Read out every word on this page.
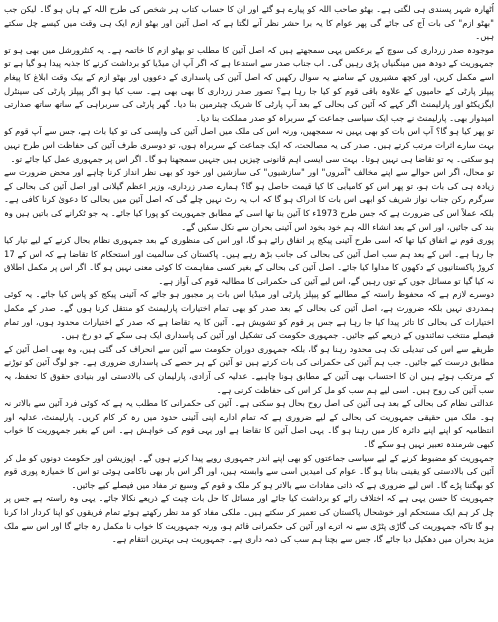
اُٹھارہ شہر پسندی ہی لگتی ہے۔ بھٹو صاحب اللہ کو پیارے ہو گئے اور ان کا حساب کتاب ہر شخص کی طرح اللہ کے ہاں ہو گا۔ لیکن جب "بھٹو ازم" کی بات آج کی جائے گی پھر عوام کا یہ برا حشر نظر آنے لگتا ہے کہ اصل آئین اور بھٹو ازم ایک ہی وقت میں کیسے چل سکتے ہیں۔

موجودہ صدر زرداری کی سوچ کے برعکس یہی سمجھتے ہیں کہ اصل آئین کا مطلب تو بھٹو ازم کا خاتمہ ہے۔ یہ کنٹرورشل میں بھی ہو تو جمہوریت کے دودھ میں مینگنیاں پڑی رہیں گی۔ اب جناب صدر سے استدعا ہے کہ اگر آپ ان میڈیا کو برداشت کرنے کا جذبہ پیدا ہو گیا ہے تو اسے مکمل کریں، اور کچھ مشیروں کے سامنے یہ سوال رکھیں کہ اصل آئین کی پاسداری کے دعووں اور بھٹو ازم کے بیک وقت ابلاغ کا پیغام پیپلز پارٹی کے حامیوں کے علاوہ باقی قوم کو کیا جا رہا ہے؟ تصور صدر زرداری کا بھی بھی ہے۔ سب کیا ہو اگر پیپلز پارٹی کی سینٹرل ایگزیکٹو اور پارلیمنٹ اگر کہے کہ آئین کی بحالی کے بعد آپ پارٹی کا شریک چیئرمین بنا دیا۔ گھر پارٹی کی سربراہی کے ساتھ ساتھ صدارتی امیدوار بھی۔ پارلیمنٹ نے جب ایک سیاسی جماعت کے سربراہ کو صدر مملکت بنا دیا۔

تو پھر کیا ہو گا؟ آپ اس بات کو بھی یہیں نہ سمجھیں، ورنہ اس کی ملک میں اصل آئین کی واپسی کی تو کیا بات ہے، جس سے آپ قوم کو بہت سارے اثرات مرتب کرتے ہیں۔ صدر کی یہ مصالحت، کہ ایک جماعت کے سربراہ ہوں، تو دوسری طرف آئین کی حفاظت اس طرح نہیں ہو سکتی۔ یہ تو تقاضا ہی نہیں ہوتا۔ بہت سی ایسی اہم قانونی چیزیں ہیں جنہیں سمجھنا ہو گا۔ اگر اس پر جمہوری عمل کیا جائے تو۔

تو محال، اگر اس حوالے سے اپنے مخالف "آمروں" اور "سازشیوں" کی سازشیں اور خود کو بھی نظر انداز کرنا چاہے اور محض ضرورت سے زیادہ ہی کی بات ہو، تو پھر اس کو کامیابی کا کیا قیمت حاصل ہو گا؟ ہمارے صدر زرداری، وزیر اعظم گیلانی اور اصل آئین کی بحالی کے سرگرم رکن جناب نواز شریف کو ابھی اس بات کا ادراک ہو گا کہ اب یہ رٹ نہیں چلے گی کہ اصل آئین میں بحالی کا دعویٰ کرنا کافی ہے۔ بلکہ عملاً اس کی ضرورت ہے کہ جس طرح 1973ء کا آئین بنا تھا اسی کے مطابق جمہوریت کو پورا کیا جائے۔ یہ جو ٹکرانے کی باتیں ہیں وہ بند کی جائیں، اور اس کے بعد انشاء اللہ ہم خود بخود اس آئینی بحران سے نکل سکیں گے۔

پوری قوم نے اتفاق کیا تھا کہ اسی طرح آئینی پیکج پر اتفاق رائے ہو گا، اور اس کی منظوری کے بعد جمہوری نظام بحال کرنے کے لیے تیار کیا جا رہا ہے۔ اس کے بعد ہم سب اصل آئین کی بحالی کی جانب بڑھ رہے ہیں۔ پاکستان کی سالمیت اور استحکام کا تقاضا ہے کہ اس کے 17 کروڑ پاکستانیوں کے دکھوں کا مداوا کیا جائے۔ اصل آئین کی بحالی کے بغیر کسی مفاہمت کا کوئی معنی نہیں ہو گا۔ اگر اس پر مکمل اطلاق نہ کیا گیا تو مسائل جوں کے توں رہیں گے، اس لیے آئین کی حکمرانی کا مطالبہ قوم کی آواز ہے۔

دوسرے لازم ہے کہ محفوظ راستہ کے مطالبے کو پیپلز پارٹی اور میڈیا اس بات پر مجبور ہو جائے کہ آئینی پیکج کو پاس کیا جائے۔ یہ کوئی ہمدردی نہیں بلکہ ضرورت ہے، اصل آئین کی بحالی کے بعد صدر کو بھی تمام اختیارات پارلیمنٹ کو منتقل کرنا ہوں گے۔ صدر کے مکمل اختیارات کی بحالی کا تاثر پیدا کیا جا رہا ہے جس پر قوم کو تشویش ہے۔ آئین کا یہ تقاضا ہے کہ صدر کے اختیارات محدود ہوں، اور تمام فیصلے منتخب نمائندوں کے ذریعے کیے جائیں۔ جمہوری حکومت کی تشکیل اور آئین کی پاسداری ایک ہی سکے کے دو رخ ہیں۔

طریقے سے اس کی تبدیلی تک ہی محدود رہنا ہو گا، بلکہ جمہوری دوران حکومت سے آئین سے انحراف کی گئی ہیں، وہ بھی اصل آئین کے مطابق درست کیے جائیں۔ جب ہم آئین کی حکمرانی کی بات کرتے ہیں تو آئین کے ہر حصے کی پاسداری ضروری ہے۔ جو لوگ آئین کو توڑنے کے مرتکب ہوئے ہیں ان کا احتساب بھی آئین کے مطابق ہونا چاہیے۔ عدلیہ کی آزادی، پارلیمان کی بالادستی اور بنیادی حقوق کا تحفظ، یہ سب آئین کی روح ہیں۔ اسی لیے ہم سب کو مل کر اس کی حفاظت کرنی ہے۔

عدالتی نظام کی بحالی کے بعد ہی آئین کی اصل روح بحال ہو سکتی ہے۔ آئین کی حکمرانی کا مطلب یہ ہے کہ کوئی فرد آئین سے بالاتر نہ ہو۔ ملک میں حقیقی جمہوریت کی بحالی کے لیے ضروری ہے کہ تمام ادارے اپنی آئینی حدود میں رہ کر کام کریں۔ پارلیمنٹ، عدلیہ اور انتظامیہ کو اپنے اپنے دائرہ کار میں رہنا ہو گا۔ یہی اصل آئین کا تقاضا ہے اور یہی قوم کی خواہش ہے۔ اس کے بغیر جمہوریت کا خواب کبھی شرمندہ تعبیر نہیں ہو سکے گا۔

جمہوریت کو مضبوط کرنے کے لیے سیاسی جماعتوں کو بھی اپنے اندر جمہوری رویے پیدا کرنے ہوں گے۔ اپوزیشن اور حکومت دونوں کو مل کر آئین کی بالادستی کو یقینی بنانا ہو گا۔ عوام کی امیدیں اسی سے وابستہ ہیں، اور اگر اس بار بھی ناکامی ہوئی تو اس کا خمیازہ پوری قوم کو بھگتنا پڑے گا۔ اس لیے ضروری ہے کہ ذاتی مفادات سے بالاتر ہو کر ملک و قوم کے وسیع تر مفاد میں فیصلے کیے جائیں۔

جمہوریت کا حسن یہی ہے کہ اختلاف رائے کو برداشت کیا جائے اور مسائل کا حل بات چیت کے ذریعے نکالا جائے۔ یہی وہ راستہ ہے جس پر چل کر ہم ایک مستحکم اور خوشحال پاکستان کی تعمیر کر سکتے ہیں۔ ملکی مفاد کو مد نظر رکھتے ہوئے تمام فریقوں کو اپنا کردار ادا کرنا ہو گا تاکہ جمہوریت کی گاڑی پٹڑی سے نہ اترے اور آئین کی حکمرانی قائم ہو، ورنہ جمہوریت کا خواب نا مکمل رہ جائے گا اور اس سے ملک مزید بحران میں دھکیل دیا جائے گا، جس سے بچنا ہم سب کی ذمہ داری ہے۔ جمہوریت ہی بہترین انتقام ہے۔
